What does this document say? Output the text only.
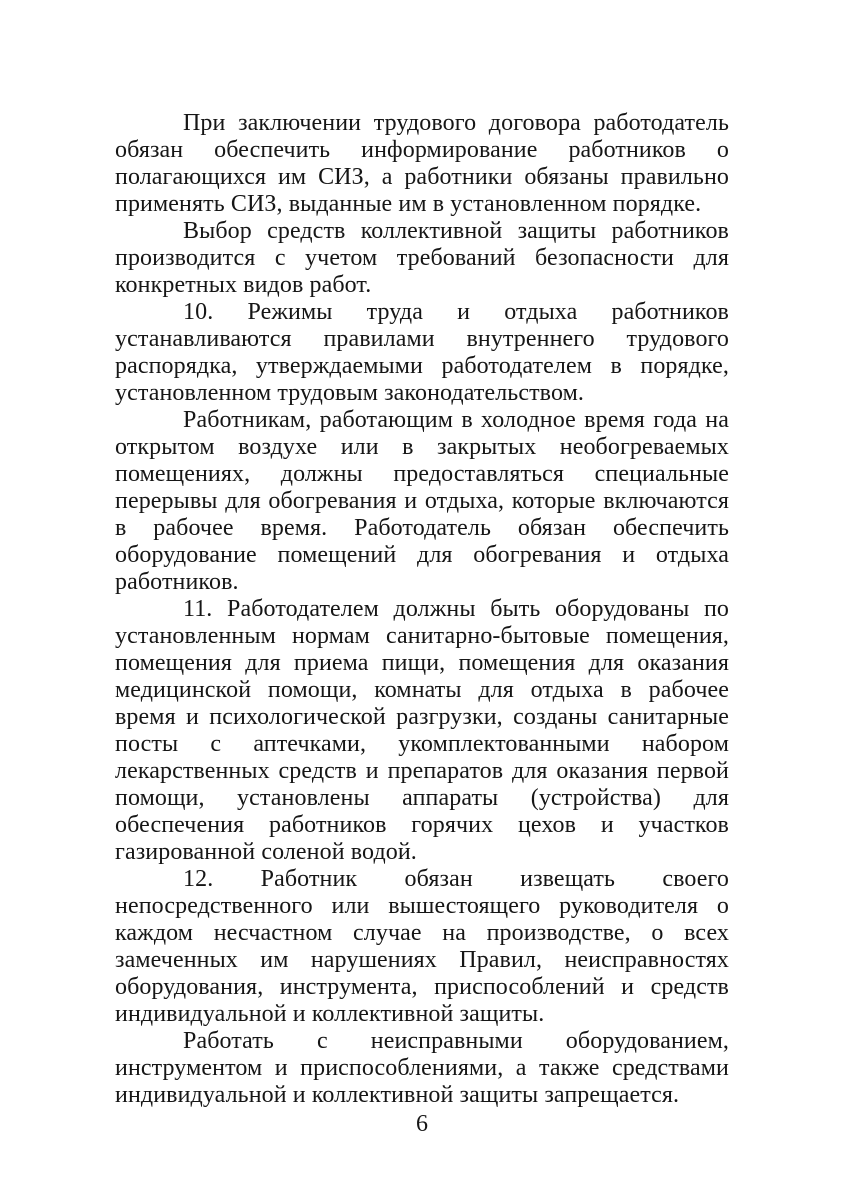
При заключении трудового договора работодатель обязан обеспечить информирование работников о полагающихся им СИЗ, а работники обязаны правильно применять СИЗ, выданные им в установленном порядке.

Выбор средств коллективной защиты работников производится с учетом требований безопасности для конкретных видов работ.

10. Режимы труда и отдыха работников устанавливаются правилами внутреннего трудового распорядка, утверждаемыми работодателем в порядке, установленном трудовым законодательством.

Работникам, работающим в холодное время года на открытом воздухе или в закрытых необогреваемых помещениях, должны предоставляться специальные перерывы для обогревания и отдыха, которые включаются в рабочее время. Работодатель обязан обеспечить оборудование помещений для обогревания и отдыха работников.

11. Работодателем должны быть оборудованы по установленным нормам санитарно-бытовые помещения, помещения для приема пищи, помещения для оказания медицинской помощи, комнаты для отдыха в рабочее время и психологической разгрузки, созданы санитарные посты с аптечками, укомплектованными набором лекарственных средств и препаратов для оказания первой помощи, установлены аппараты (устройства) для обеспечения работников горячих цехов и участков газированной соленой водой.

12. Работник обязан извещать своего непосредственного или вышестоящего руководителя о каждом несчастном случае на производстве, о всех замеченных им нарушениях Правил, неисправностях оборудования, инструмента, приспособлений и средств индивидуальной и коллективной защиты.

Работать с неисправными оборудованием, инструментом и приспособлениями, а также средствами индивидуальной и коллективной защиты запрещается.

6
